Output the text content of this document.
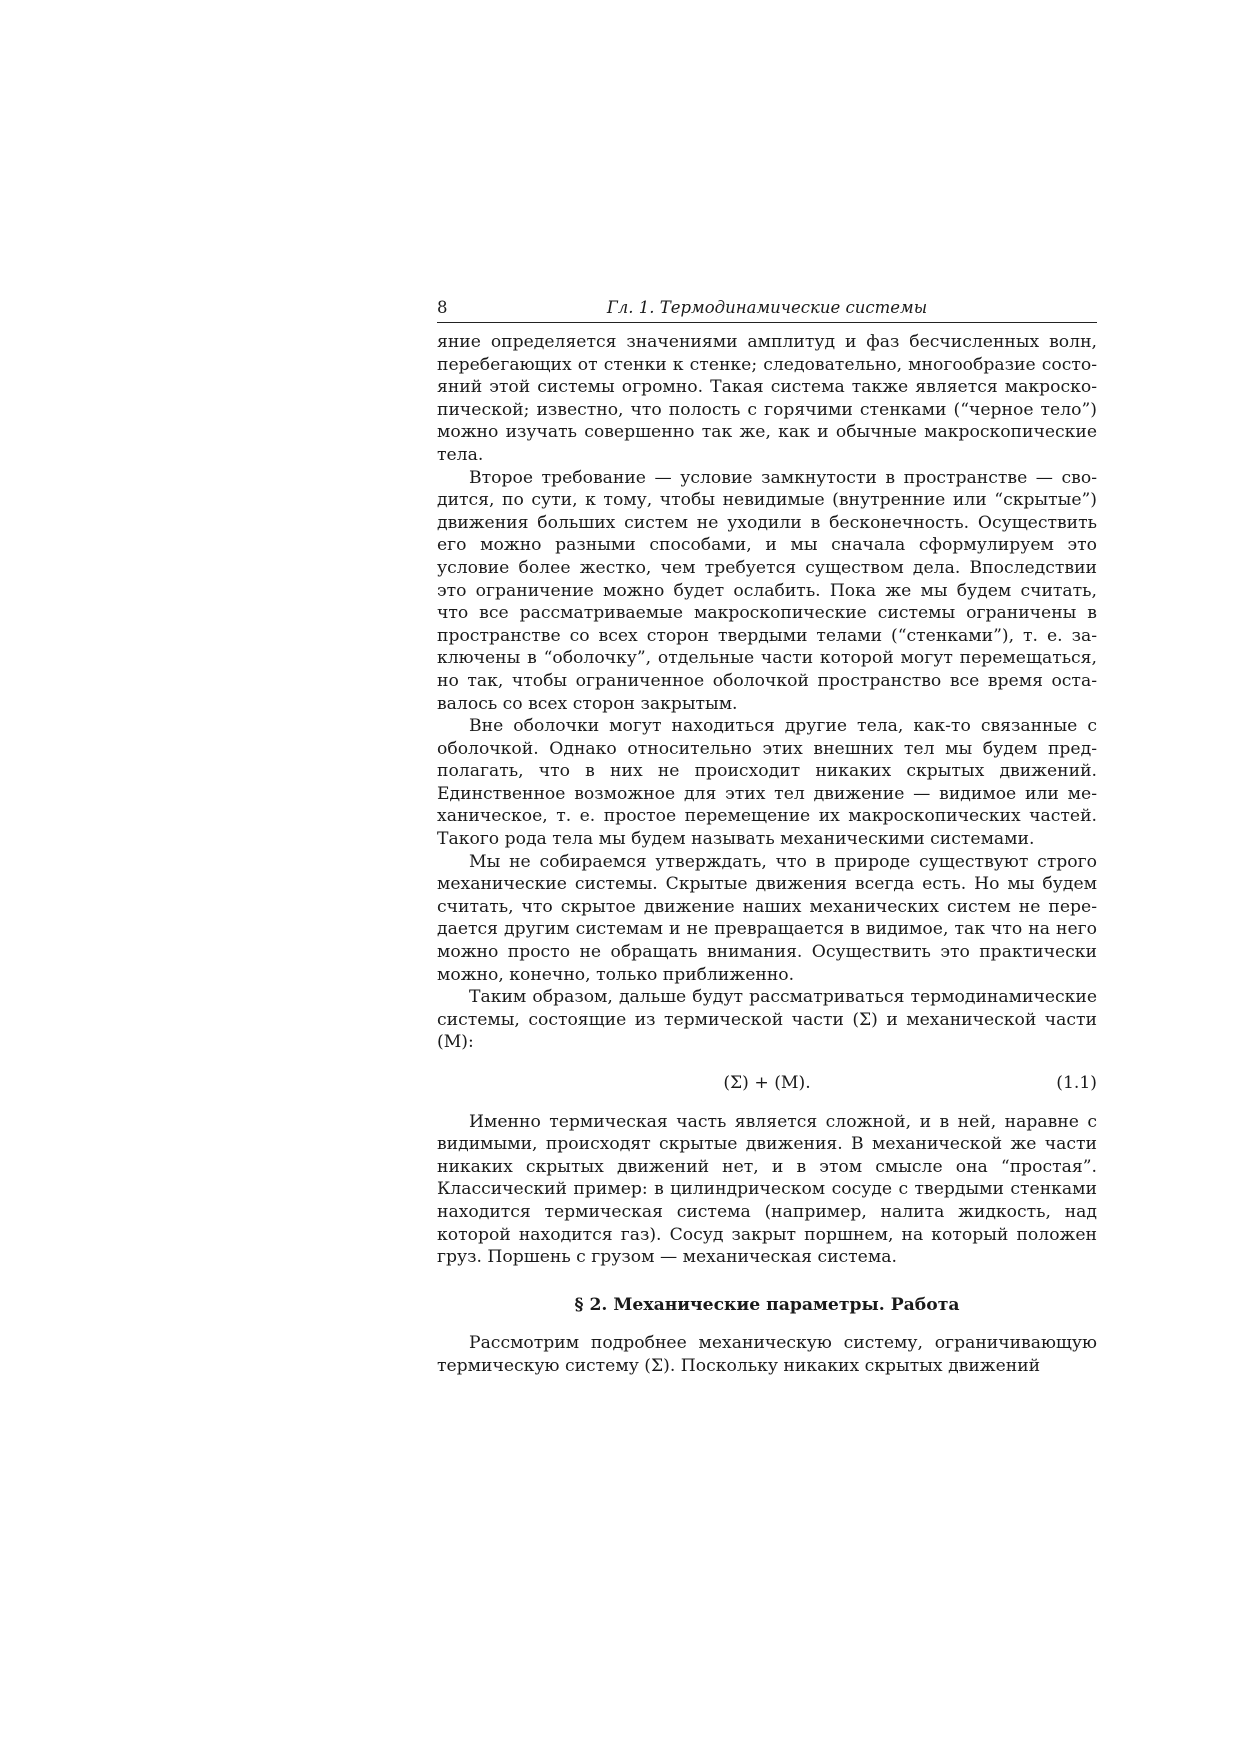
8	Гл. 1. Термодинамические системы

яние определяется значениями амплитуд и фаз бесчисленных волн, перебегающих от стенки к стенке; следовательно, многообразие состояний этой системы огромно. Такая система также является макроскопической; известно, что полость с горячими стенками (“черное тело”) можно изучать совершенно так же, как и обычные макроскопические тела.

Второе требование — условие замкнутости в пространстве — сводится, по сути, к тому, чтобы невидимые (внутренние или “скрытые”) движения больших систем не уходили в бесконечность. Осуществить его можно разными способами, и мы сначала сформулируем это условие более жестко, чем требуется существом дела. Впоследствии это ограничение можно будет ослабить. Пока же мы будем считать, что все рассматриваемые макроскопические системы ограничены в пространстве со всех сторон твердыми телами (“стенками”), т. е. заключены в “оболочку”, отдельные части которой могут перемещаться, но так, чтобы ограниченное оболочкой пространство все время оставалось со всех сторон закрытым.

Вне оболочки могут находиться другие тела, как-то связанные с оболочкой. Однако относительно этих внешних тел мы будем предполагать, что в них не происходит никаких скрытых движений. Единственное возможное для этих тел движение — видимое или механическое, т. е. простое перемещение их макроскопических частей. Такого рода тела мы будем называть механическими системами.

Мы не собираемся утверждать, что в природе существуют строго механические системы. Скрытые движения всегда есть. Но мы будем считать, что скрытое движение наших механических систем не передается другим системам и не превращается в видимое, так что на него можно просто не обращать внимания. Осуществить это практически можно, конечно, только приближенно.

Таким образом, дальше будут рассматриваться термодинамические системы, состоящие из термической части (Σ) и механической части (M):

(Σ) + (M).	(1.1)

Именно термическая часть является сложной, и в ней, наравне с видимыми, происходят скрытые движения. В механической же части никаких скрытых движений нет, и в этом смысле она “простая”. Классический пример: в цилиндрическом сосуде с твердыми стенками находится термическая система (например, налита жидкость, над которой находится газ). Сосуд закрыт поршнем, на который положен груз. Поршень с грузом — механическая система.

§ 2. Механические параметры. Работа

Рассмотрим подробнее механическую систему, ограничивающую термическую систему (Σ). Поскольку никаких скрытых движений
